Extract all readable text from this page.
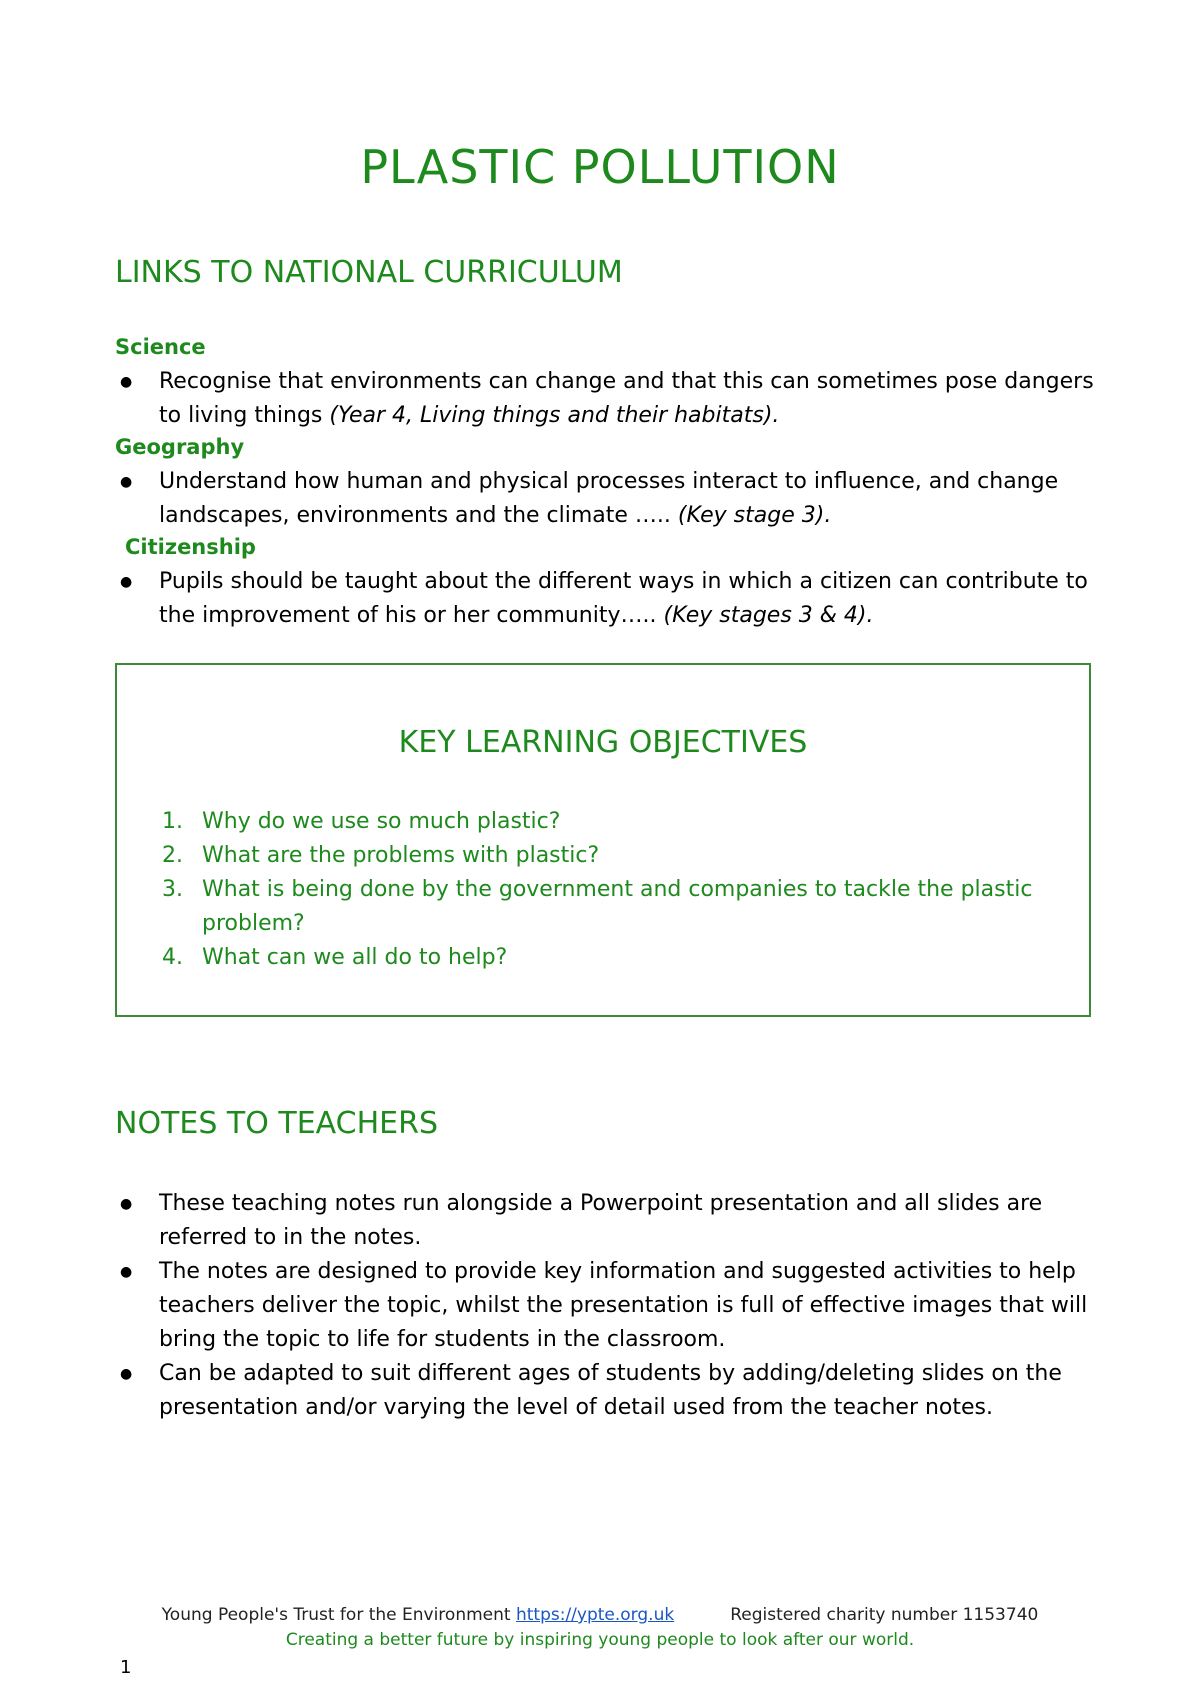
PLASTIC POLLUTION
LINKS TO NATIONAL CURRICULUM
Science
● Recognise that environments can change and that this can sometimes pose dangers to living things (Year 4, Living things and their habitats).
Geography
● Understand how human and physical processes interact to influence, and change landscapes, environments and the climate ….. (Key stage 3).
Citizenship
● Pupils should be taught about the different ways in which a citizen can contribute to the improvement of his or her community….. (Key stages 3 & 4).
KEY LEARNING OBJECTIVES
1. Why do we use so much plastic?
2. What are the problems with plastic?
3. What is being done by the government and companies to tackle the plastic problem?
4. What can we all do to help?
NOTES TO TEACHERS
● These teaching notes run alongside a Powerpoint presentation and all slides are referred to in the notes.
● The notes are designed to provide key information and suggested activities to help teachers deliver the topic, whilst the presentation is full of effective images that will bring the topic to life for students in the classroom.
● Can be adapted to suit different ages of students by adding/deleting slides on the presentation and/or varying the level of detail used from the teacher notes.
Young People's Trust for the Environment https://ypte.org.uk	Registered charity number 1153740
Creating a better future by inspiring young people to look after our world.
1
